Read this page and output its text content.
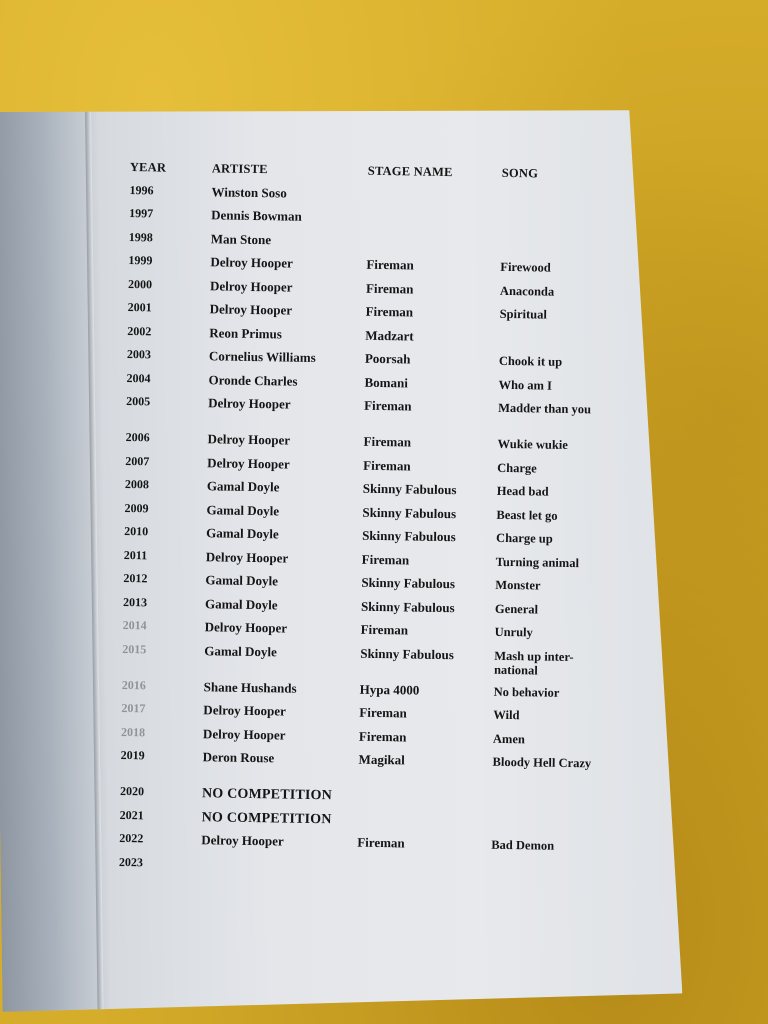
YEAR	ARTISTE	STAGE NAME	SONG
1996	Winston Soso
1997	Dennis Bowman
1998	Man Stone
1999	Delroy Hooper	Fireman	Firewood
2000	Delroy Hooper	Fireman	Anaconda
2001	Delroy Hooper	Fireman	Spiritual
2002	Reon Primus	Madzart
2003	Cornelius Williams	Poorsah	Chook it up
2004	Oronde Charles	Bomani	Who am I
2005	Delroy Hooper	Fireman	Madder than you
2006	Delroy Hooper	Fireman	Wukie wukie
2007	Delroy Hooper	Fireman	Charge
2008	Gamal Doyle	Skinny Fabulous	Head bad
2009	Gamal Doyle	Skinny Fabulous	Beast let go
2010	Gamal Doyle	Skinny Fabulous	Charge up
2011	Delroy Hooper	Fireman	Turning animal
2012	Gamal Doyle	Skinny Fabulous	Monster
2013	Gamal Doyle	Skinny Fabulous	General
2014	Delroy Hooper	Fireman	Unruly
2015	Gamal Doyle	Skinny Fabulous	Mash up inter-national
2016	Shane Hushands	Hypa 4000	No behavior
2017	Delroy Hooper	Fireman	Wild
2018	Delroy Hooper	Fireman	Amen
2019	Deron Rouse	Magikal	Bloody Hell Crazy
2020	NO COMPETITION
2021	NO COMPETITION
2022	Delroy Hooper	Fireman	Bad Demon
2023
